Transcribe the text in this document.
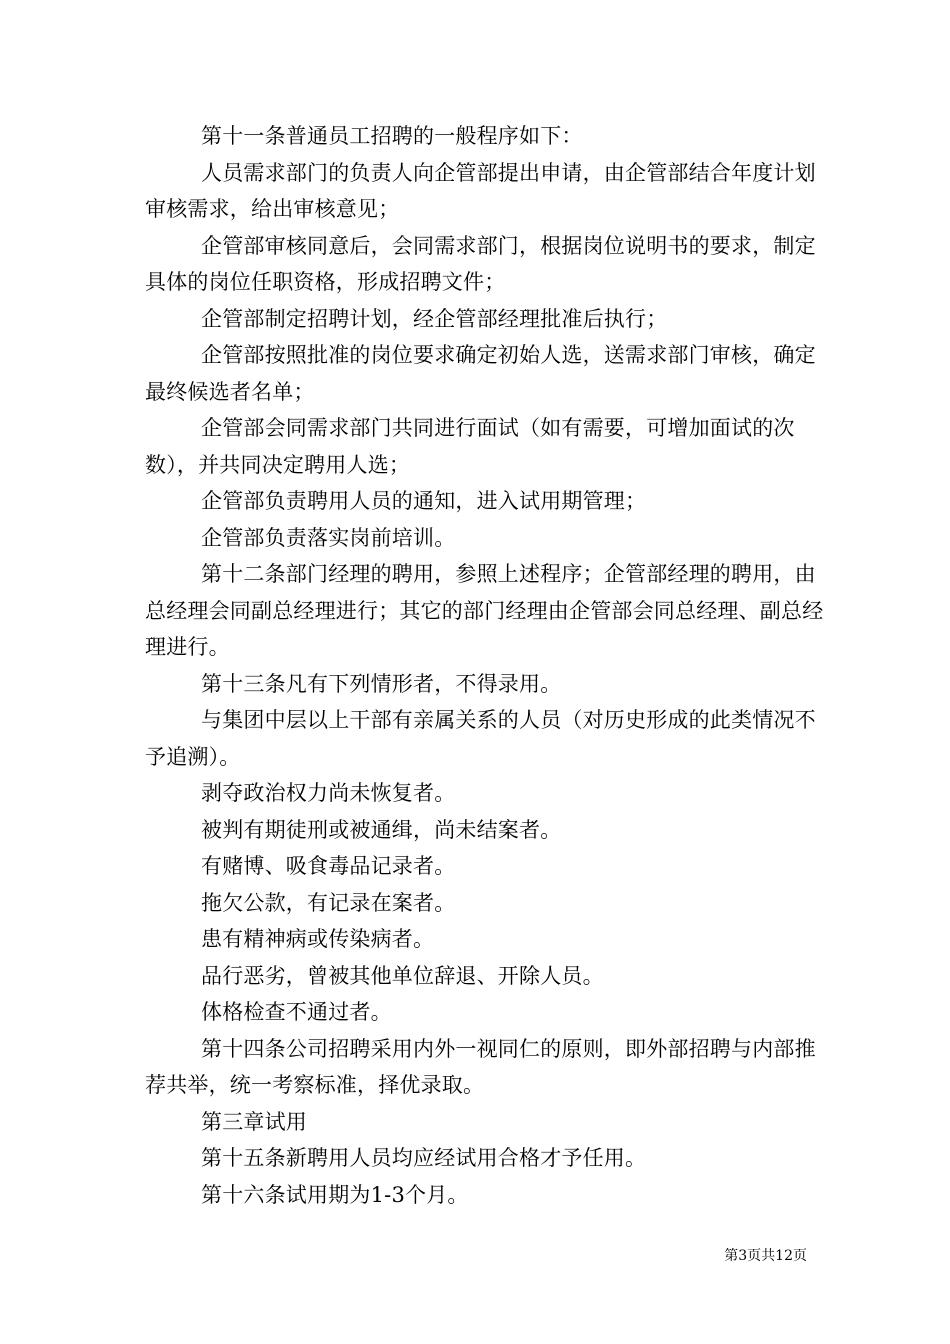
第十一条普通员工招聘的一般程序如下：

人员需求部门的负责人向企管部提出申请，由企管部结合年度计划审核需求，给出审核意见；

企管部审核同意后，会同需求部门，根据岗位说明书的要求，制定具体的岗位任职资格，形成招聘文件；

企管部制定招聘计划，经企管部经理批准后执行；

企管部按照批准的岗位要求确定初始人选，送需求部门审核，确定最终候选者名单；

企管部会同需求部门共同进行面试（如有需要，可增加面试的次数），并共同决定聘用人选；

企管部负责聘用人员的通知，进入试用期管理；

企管部负责落实岗前培训。

第十二条部门经理的聘用，参照上述程序；企管部经理的聘用，由总经理会同副总经理进行；其它的部门经理由企管部会同总经理、副总经理进行。

第十三条凡有下列情形者，不得录用。

与集团中层以上干部有亲属关系的人员（对历史形成的此类情况不予追溯）。

剥夺政治权力尚未恢复者。

被判有期徒刑或被通缉，尚未结案者。

有赌博、吸食毒品记录者。

拖欠公款，有记录在案者。

患有精神病或传染病者。

品行恶劣，曾被其他单位辞退、开除人员。

体格检查不通过者。

第十四条公司招聘采用内外一视同仁的原则，即外部招聘与内部推荐共举，统一考察标准，择优录取。

第三章试用

第十五条新聘用人员均应经试用合格才予任用。

第十六条试用期为1-3个月。

第3页共12页
